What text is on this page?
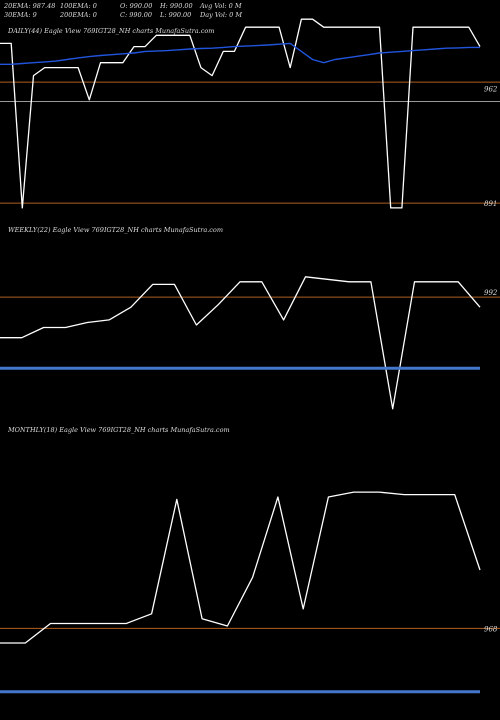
20EMA: 987.48 100EMA: 0	O: 990.00 H: 990.00 Avg Vol: 0 M
30EMA: 9	200EMA: 0	C: 990.00 L: 990.00 Day Vol: 0 M
DAILY(44) Eagle View 769IGT28_NH charts MunafaSutra.com
962
891
WEEKLY(22) Eagle View 769IGT28_NH charts MunafaSutra.com
992
MONTHLY(18) Eagle View 769IGT28_NH charts MunafaSutra.com
968
